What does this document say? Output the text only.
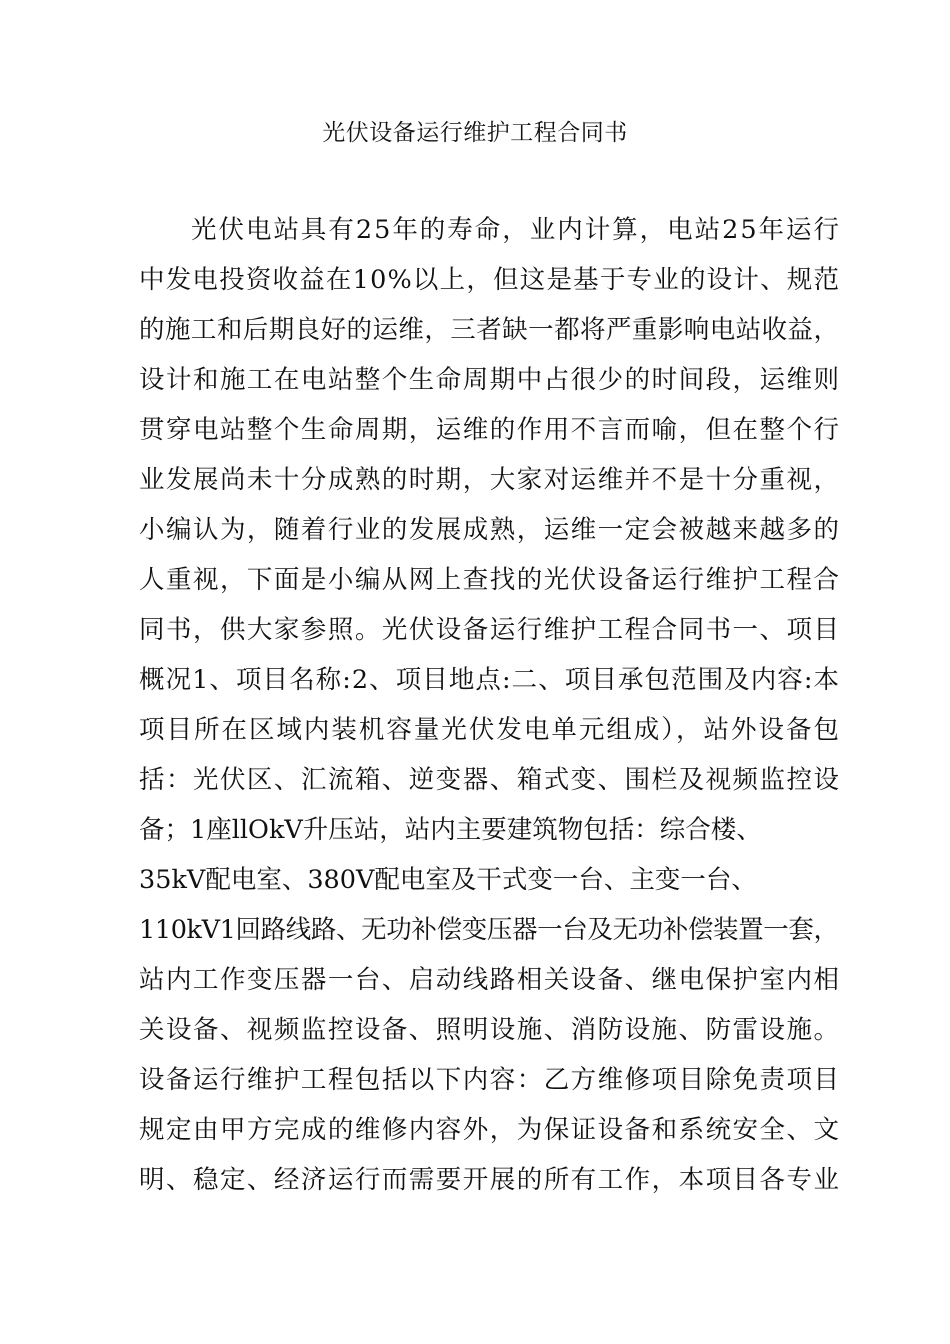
光伏设备运行维护工程合同书
光伏电站具有25年的寿命，业内计算，电站25年运行
中发电投资收益在10%以上，但这是基于专业的设计、规范
的施工和后期良好的运维，三者缺一都将严重影响电站收益，
设计和施工在电站整个生命周期中占很少的时间段，运维则
贯穿电站整个生命周期，运维的作用不言而喻，但在整个行
业发展尚未十分成熟的时期，大家对运维并不是十分重视，
小编认为，随着行业的发展成熟，运维一定会被越来越多的
人重视，下面是小编从网上查找的光伏设备运行维护工程合
同书，供大家参照。光伏设备运行维护工程合同书一、项目
概况1、项目名称:2、项目地点:二、项目承包范围及内容:本
项目所在区域内装机容量光伏发电单元组成），站外设备包
括：光伏区、汇流箱、逆变器、箱式变、围栏及视频监控设
备；1座llOkV升压站，站内主要建筑物包括：综合楼、
35kV配电室、380V配电室及干式变一台、主变一台、
110kV1回路线路、无功补偿变压器一台及无功补偿装置一套，
站内工作变压器一台、启动线路相关设备、继电保护室内相
关设备、视频监控设备、照明设施、消防设施、防雷设施。
设备运行维护工程包括以下内容：乙方维修项目除免责项目
规定由甲方完成的维修内容外，为保证设备和系统安全、文
明、稳定、经济运行而需要开展的所有工作，本项目各专业
